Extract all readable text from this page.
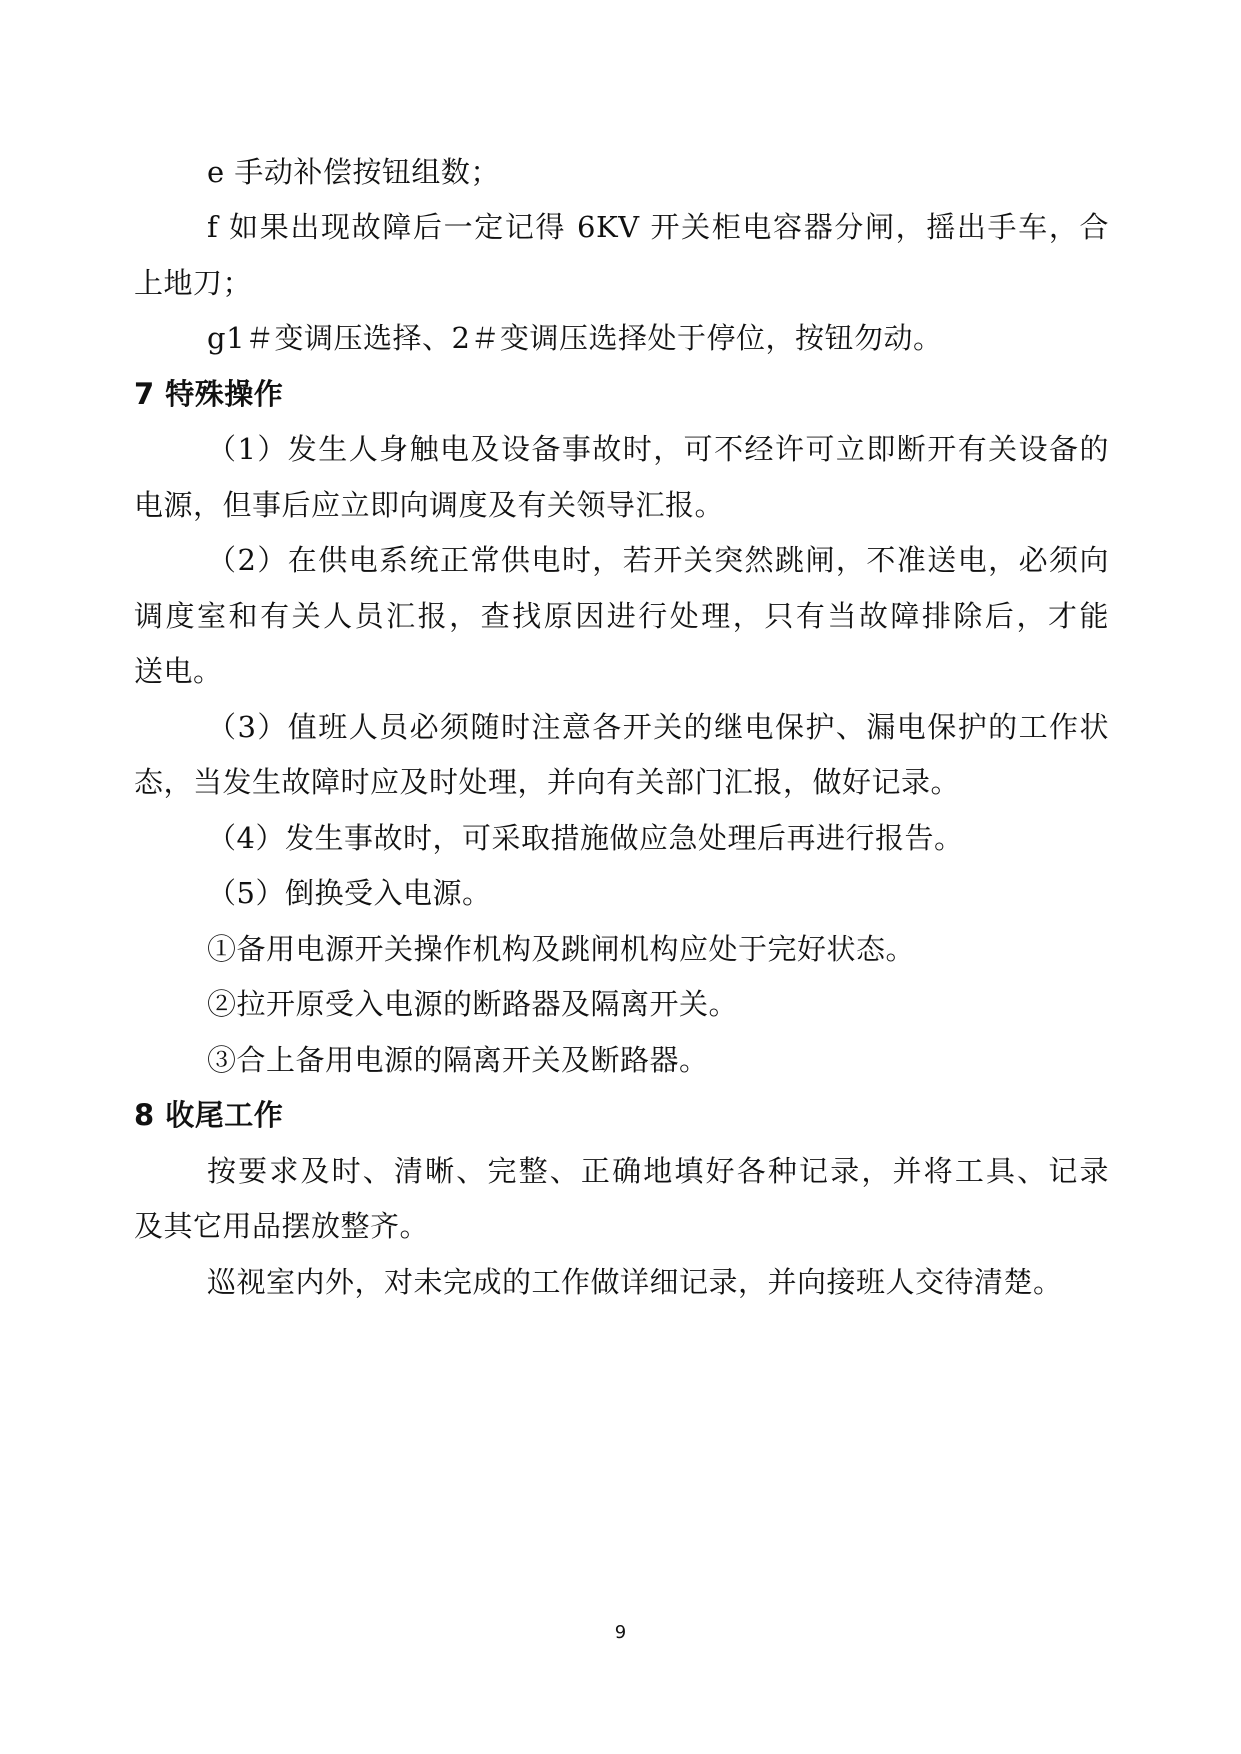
e 手动补偿按钮组数；
f 如果出现故障后一定记得 6KV 开关柜电容器分闸，摇出手车，合
上地刀；
g1＃变调压选择、2＃变调压选择处于停位，按钮勿动。
7 特殊操作
（1）发生人身触电及设备事故时，可不经许可立即断开有关设备的
电源，但事后应立即向调度及有关领导汇报。
（2）在供电系统正常供电时，若开关突然跳闸，不准送电，必须向
调度室和有关人员汇报，查找原因进行处理，只有当故障排除后，才能
送电。
（3）值班人员必须随时注意各开关的继电保护、漏电保护的工作状
态，当发生故障时应及时处理，并向有关部门汇报，做好记录。
（4）发生事故时，可采取措施做应急处理后再进行报告。
（5）倒换受入电源。
①备用电源开关操作机构及跳闸机构应处于完好状态。
②拉开原受入电源的断路器及隔离开关。
③合上备用电源的隔离开关及断路器。
8 收尾工作
按要求及时、清晰、完整、正确地填好各种记录，并将工具、记录
及其它用品摆放整齐。
巡视室内外，对未完成的工作做详细记录，并向接班人交待清楚。
9
